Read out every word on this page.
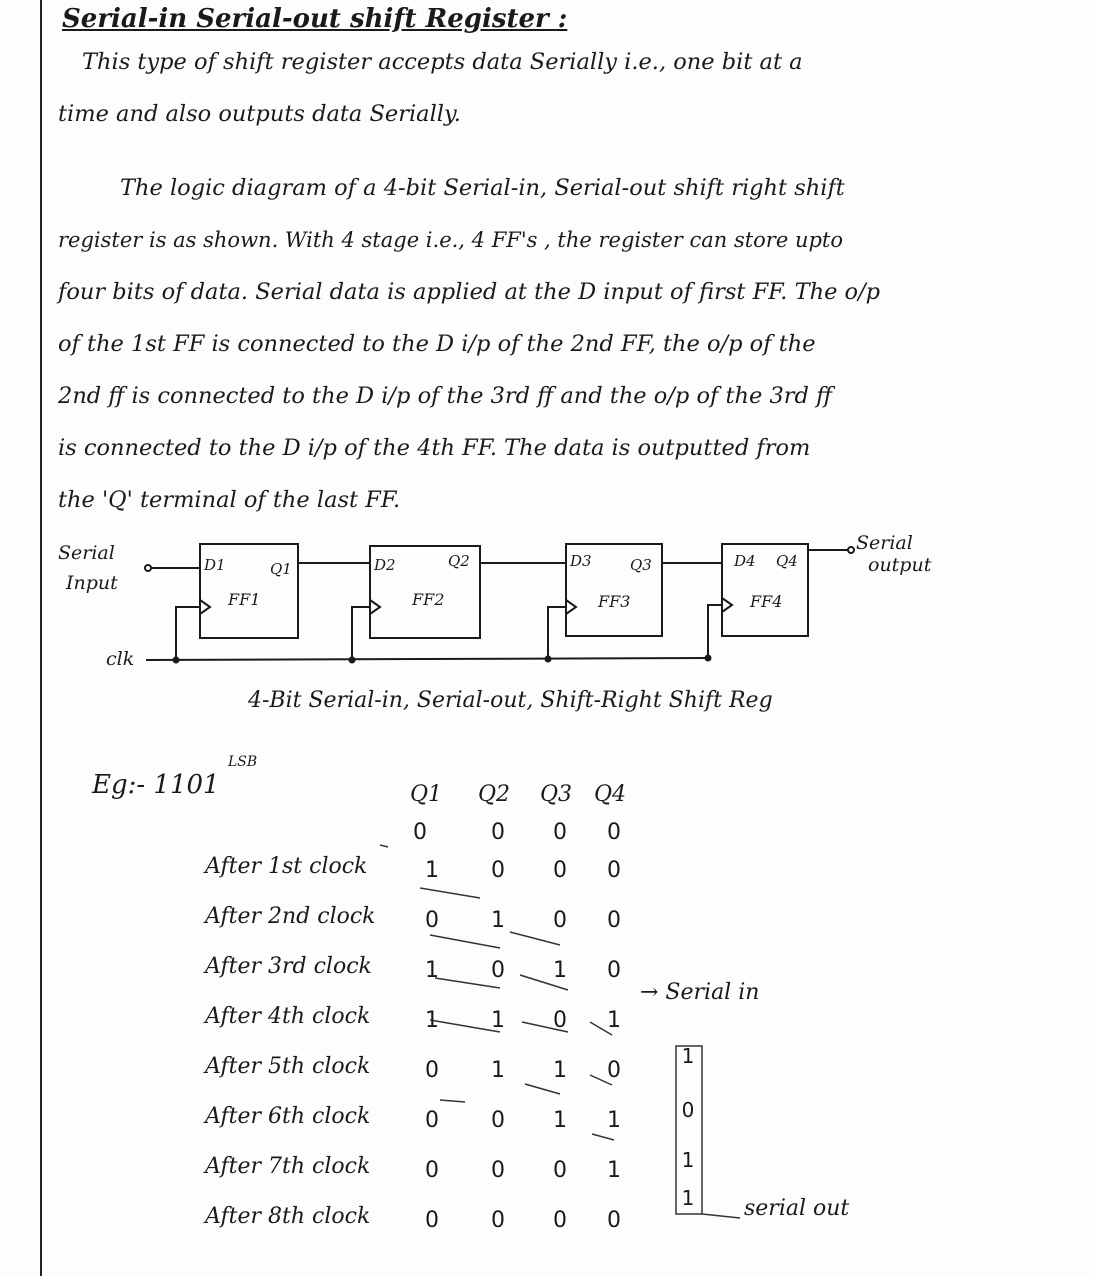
Serial-in Serial-out shift Register :
This type of shift register accepts data Serially i.e., one bit at a
time and also outputs data Serially.
The logic diagram of a 4-bit Serial-in, Serial-out shift right shift
register is as shown. With 4 stage i.e., 4 FF's , the register can store upto
four bits of data. Serial data is applied at the D input of first FF. The o/p
of the 1st FF is connected to the D i/p of the 2nd FF, the o/p of the
2nd ff is connected to the D i/p of the 3rd ff and the o/p of the 3rd ff
is connected to the D i/p of the 4th FF. The data is outputted from
the 'Q' terminal of the last FF.
Serial
Input
clk
Serial
output
D1	Q1
FF1
D2	Q2
FF2
D3	Q3
FF3
D4 Q4
FF4
4-Bit Serial-in, Serial-out, Shift-Right Shift Reg
Eg:- 1101
LSB
Q1 Q2 Q3 Q4
0	0	0	0
After 1st clock	1	0	0	0
After 2nd clock	0	1	0	0
After 3rd clock	1	0	1	0
After 4th clock	1	1	0	1
After 5th clock	0	1	1	0
After 6th clock	0	0	1	1
After 7th clock	0	0	0	1
After 8th clock	0	0	0	0
→ Serial in
serial out
1
0
1
1
